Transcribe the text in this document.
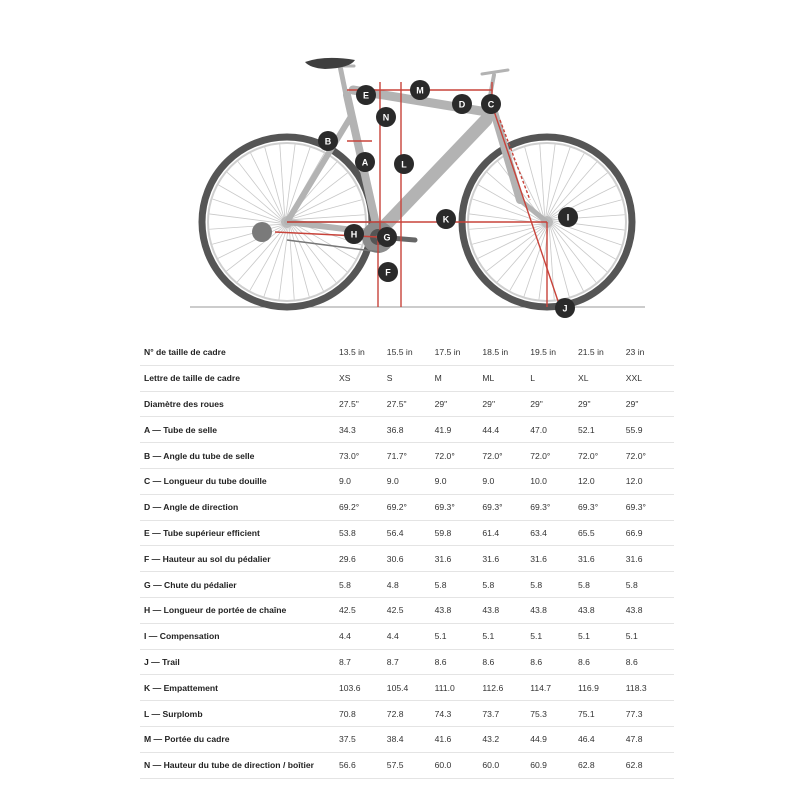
M
E
D	C
N
B
A	L
K	I
H	G
F
J
N° de taille de cadre	13.5 in	15.5 in	17.5 in	18.5 in	19.5 in	21.5 in	23 in
Lettre de taille de cadre	XS	S	M	ML	L	XL	XXL
Diamètre des roues	27.5"	27.5"	29"	29"	29"	29"	29"
A — Tube de selle	34.3	36.8	41.9	44.4	47.0	52.1	55.9
B — Angle du tube de selle	73.0°	71.7°	72.0°	72.0°	72.0°	72.0°	72.0°
C — Longueur du tube douille	9.0	9.0	9.0	9.0	10.0	12.0	12.0
D — Angle de direction	69.2°	69.2°	69.3°	69.3°	69.3°	69.3°	69.3°
E — Tube supérieur efficient	53.8	56.4	59.8	61.4	63.4	65.5	66.9
F — Hauteur au sol du pédalier	29.6	30.6	31.6	31.6	31.6	31.6	31.6
G — Chute du pédalier	5.8	4.8	5.8	5.8	5.8	5.8	5.8
H — Longueur de portée de chaîne	42.5	42.5	43.8	43.8	43.8	43.8	43.8
I — Compensation	4.4	4.4	5.1	5.1	5.1	5.1	5.1
J — Trail	8.7	8.7	8.6	8.6	8.6	8.6	8.6
K — Empattement	103.6	105.4	111.0	112.6	114.7	116.9	118.3
L — Surplomb	70.8	72.8	74.3	73.7	75.3	75.1	77.3
M — Portée du cadre	37.5	38.4	41.6	43.2	44.9	46.4	47.8
N — Hauteur du tube de direction / boîtier	56.6	57.5	60.0	60.0	60.9	62.8	62.8
